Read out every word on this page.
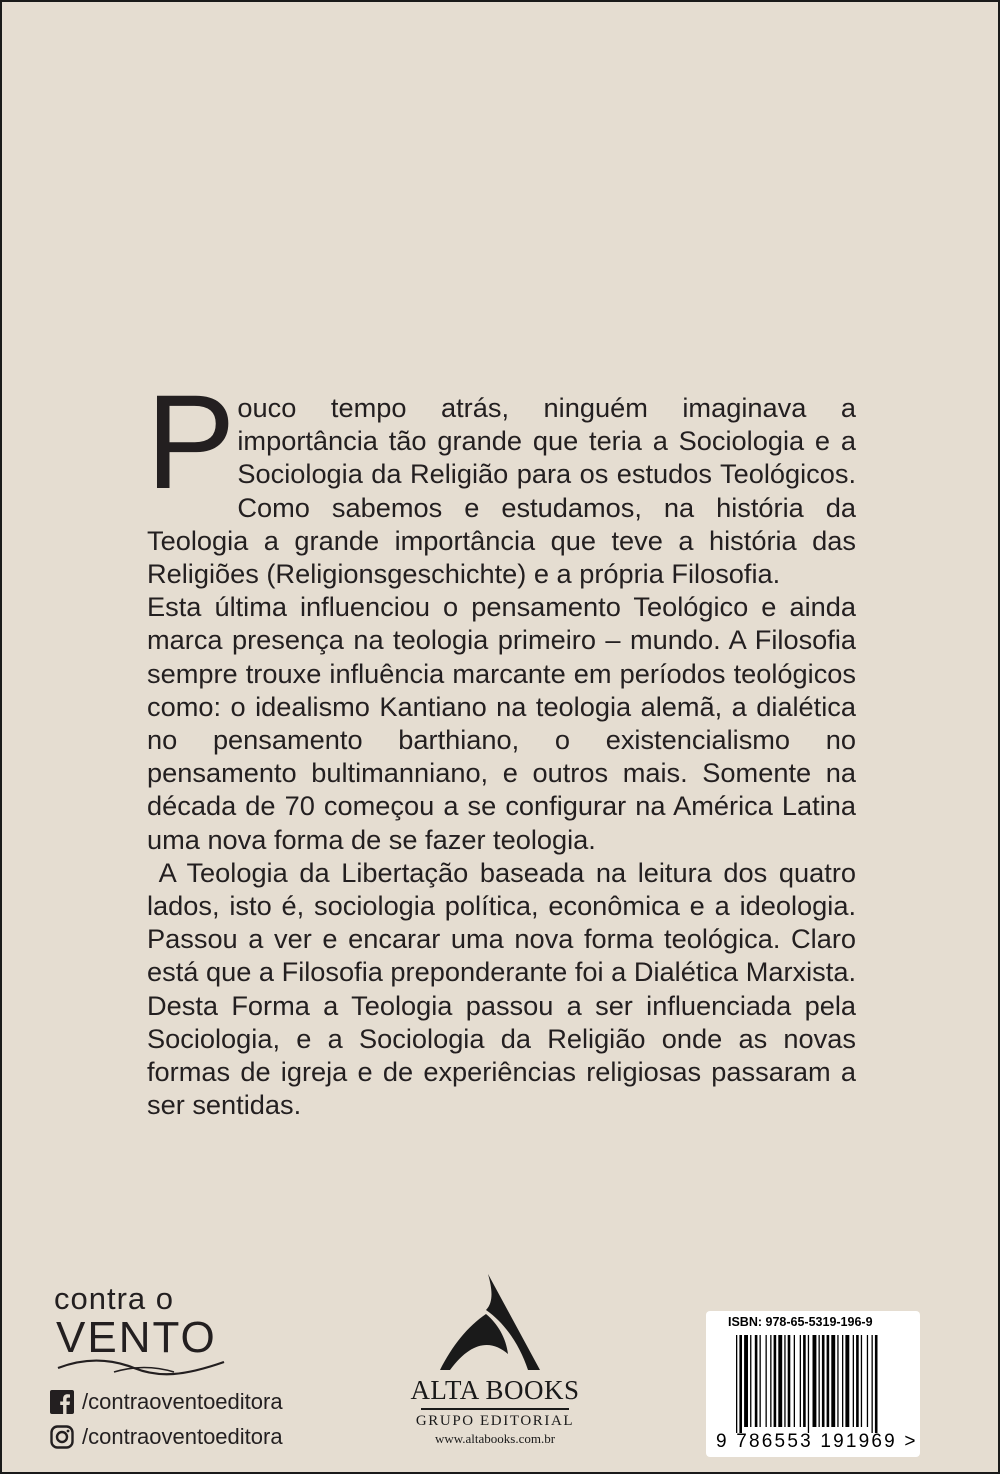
Pouco tempo atrás, ninguém imaginava a importância tão grande que teria a Sociologia e a Sociologia da Religião para os estudos Teológicos. Como sabemos e estudamos, na história da Teologia a grande importância que teve a história das Religiões (Religionsgeschichte) e a própria Filosofia.

Esta última influenciou o pensamento Teológico e ainda marca presença na teologia primeiro – mundo. A Filosofia sempre trouxe influência marcante em períodos teológicos como: o idealismo Kantiano na teologia alemã, a dialética no pensamento barthiano, o existencialismo no pensamento bultimanniano, e outros mais. Somente na década de 70 começou a se configurar na América Latina uma nova forma de se fazer teologia.

A Teologia da Libertação baseada na leitura dos quatro lados, isto é, sociologia política, econômica e a ideologia. Passou a ver e encarar uma nova forma teológica. Claro está que a Filosofia preponderante foi a Dialética Marxista. Desta Forma a Teologia passou a ser influenciada pela Sociologia, e a Sociologia da Religião onde as novas formas de igreja e de experiências religiosas passaram a ser sentidas.

contra o
VENTO
/contraoventoeditora
/contraoventoeditora
ALTA BOOKS
GRUPO EDITORIAL
www.altabooks.com.br
ISBN: 978-65-5319-196-9
9 786553 191969 >
